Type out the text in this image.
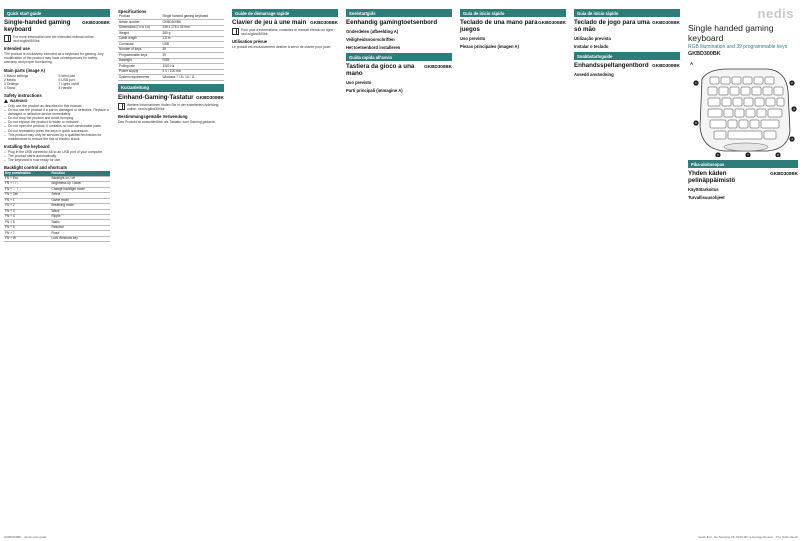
Quick start guide
GKBD300BK
Single-handed gaming keyboard
For more information see the extended manual online: ned.is/gkbd300bk
Intended use
The product is exclusively intended as a keyboard for gaming. Any modification of the product may have consequences for safety, warranty and proper functioning.
Main parts (image A)
1 Macro settings	5 Wrist pad
2 Media	6 USB port
3 Settings	7 Lights on/off
4 Stand	8 Handle
Safety instructions
WARNING
– Only use the product as described in this manual.
– Do not use the product if a part is damaged or defective. Replace a damaged or defective device immediately.
– Do not drop the product and avoid bumping.
– Do not expose the product to water or moisture.
– Do not open the product. It contains no user-serviceable parts.
– Do not repeatedly press the keys in quick succession.
– This product may only be serviced by a qualified technician for maintenance to reduce the risk of electric shock.
Installing the keyboard
– Plug in the USB connector A6 to an USB port of your computer.
– The product starts automatically.
– The keyboard is now ready for use.
Backlight control and shortcuts
Key combination	Function
FN + Esc	Backlight on / off
FN + ↑ / ↓	Brightness up / down
FN + ← / →	Change backlight mode
FN + Tab	Select
FN + 1	Game mode
FN + 2	Breathing mode
FN + 3	Wave
FN + 4	Ripple
FN + 5	Static
FN + 6	Reactive
FN + 7	Fixed
FN + W	Lock Windows key
Specifications
Product	Single handed gaming keyboard
Article number	GKBD300BK
Dimensions (l x w x h)	245 x 176 x 45 mm
Weight	350 g
Cable length	1.8 m
Connector	USB
Number of keys	39
Programmable keys	39
Backlight	RGB
Polling rate	1000 Hz
Power supply	5 V / 100 mA
System requirements	Windows 7 / 8 / 10 / 11
Kurzanleitung
GKBD300BK
Einhand-Gaming-Tastatur
Weitere Informationen finden Sie in der erweiterten Anleitung online: ned.is/gkbd300bk
Bestimmungsgemäße Verwendung
Das Produkt ist ausschließlich als Tastatur zum Gaming gedacht.
Guide de démarrage rapide
GKBD300BK
Clavier de jeu à une main
Pour plus d'informations, consultez le manuel étendu en ligne : ned.is/gkbd300bk
Utilisation prévue
Le produit est exclusivement destiné à servir de clavier pour jouer.
Snelstartgids
Eenhandig gamingtoetsenbord
Onderdelen (afbeelding A)
Veiligheidsvoorschriften
Het toetsenbord installeren
Guida rapida all'avvio
GKBD300BK
Tastiera da gioco a una mano
Uso previsto
Parti principali (immagine A)
Guía de inicio rápido
GKBD300BK
Teclado de una mano para juegos
Uso previsto
Piezas principales (imagen A)
Guia de início rápido
GKBD300BK
Teclado de jogo para uma só mão
Utilização prevista
Instalar o teclado
Snabbstartsguide
GKBD300BK
Enhandsspeltangentbord
Avsedd användning
nedis
Single handed gaming keyboard
RGB illumination and 39 programmable keys
GKBD300BK
A
1	2
3
4
5
6	7	8
Pika-aloitusopas
GKBD300BK
Yhden käden pelinäppäimistö
Käyttötarkoitus
Turvallisuusohjeet
GKBD300BK · Quick start guide	Nedis B.V., De Tweeling 28, 5215 MC 's-Hertogenbosch – The Netherlands
